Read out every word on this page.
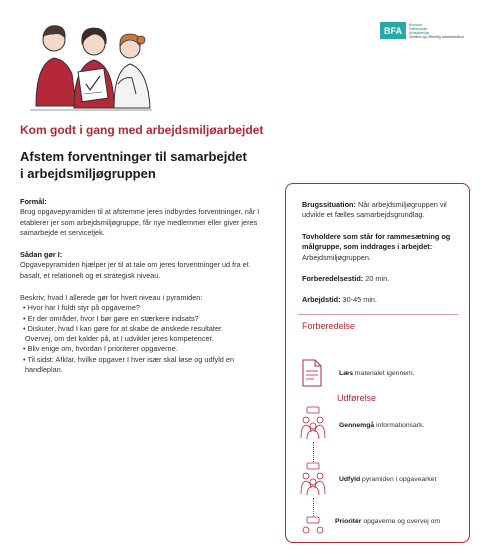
BFA
Branche
Fællesskab
Arbejdsmiljø
Velfærd og Offentlig administration
Kom godt i gang med arbejdsmiljøarbejdet
Afstem forventninger til samarbejdet
i arbejdsmiljøgruppen

Formål:

Brug opgavepyramiden til at afstemme jeres indbyrdes forventninger, når I etablerer jer som arbejdsmiljøgruppe, får nye medlemmer eller giver jeres samarbejde et servicetjek.

Sådan gør I:

Opgavepyramiden hjælper jer til at tale om jeres forventninger ud fra et basalt, et relationelt og et strategisk niveau.

Beskriv, hvad I allerede gør for hvert niveau i pyramiden:

• Hvor har I fuldt styr på opgaverne?

• Er der områder, hvor I bør gøre en stærkere indsats?

• Diskuter, hvad I kan gøre for at skabe de ønskede resultater.

Overvej, om det kalder på, at I udvikler jeres kompetencer.

• Bliv enige om, hvordan I prioriterer opgaverne.

• Til sidst: Afklar, hvilke opgaver I hver især skal løse og udfyld en

handleplan.

Brugssituation: Når arbejdsmiljøgruppen vil udvikle et fælles samarbejdsgrundlag.
Tovholdere som står for rammesætning og målgruppe, som inddrages i arbejdet:
Arbejdsmiljøgruppen.
Forberedelsestid: 20 min.
Arbejdstid: 30-45 min.
Forberedelse
Læs materialet igennem.
Udførelse
Gennemgå informationsark.
Udfyld pyramiden i opgavearket
Prioritér opgaverne og overvej om
